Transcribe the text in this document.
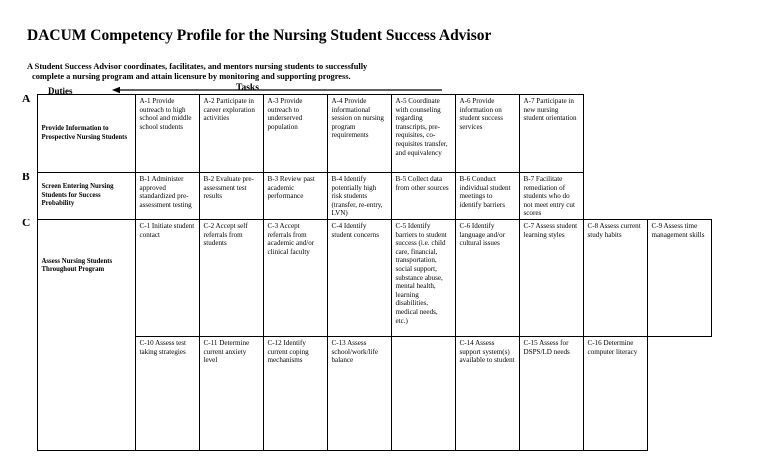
DACUM Competency Profile for the Nursing Student Success Advisor

A Student Success Advisor coordinates, facilitates, and mentors nursing students to successfully
complete a nursing program and attain licensure by monitoring and supporting progress.

Duties	Tasks
A	Provide Information to Prospective Nursing Students	A-1 Provide outreach to high school and middle school students	A-2 Participate in career exploration activities	A-3 Provide outreach to underserved population	A-4 Provide informational session on nursing program requirements	A-5 Coordinate with counseling regarding transcripts, pre-requisites, co-requisites transfer, and equivalency	A-6 Provide information on student success services	A-7 Participate in new nursing student orientation		
B	Screen Entering Nursing Students for Success Probability	B-1 Administer approved standardized pre-assessment testing	B-2 Evaluate pre-assessment test results	B-3 Review past academic performance	B-4 Identify potentially high risk students (transfer, re-entry, LVN)	B-5 Collect data from other sources	B-6 Conduct individual student meetings to identify barriers	B-7 Facilitate remediation of students who do not meet entry cut scores		
C	Assess Nursing Students Throughout Program	C-1 Initiate student contact	C-2 Accept self referrals from students	C-3 Accept referrals from academic and/or clinical faculty	C-4 Identify student concerns	C-5 Identify barriers to student success (i.e. child care, financial, transportation, social support, substance abuse, mental health, learning disabilities, medical needs, etc.)	C-6 Identify language and/or cultural issues	C-7 Assess student learning styles	C-8 Assess current study habits	C-9 Assess time management skills
		C-10 Assess test taking strategies	C-11 Determine current anxiety level	C-12 Identify current coping mechanisms	C-13 Assess school/work/life balance		C-14 Assess support system(s) available to student	C-15 Assess for DSPS/LD needs	C-16 Determine computer literacy	
